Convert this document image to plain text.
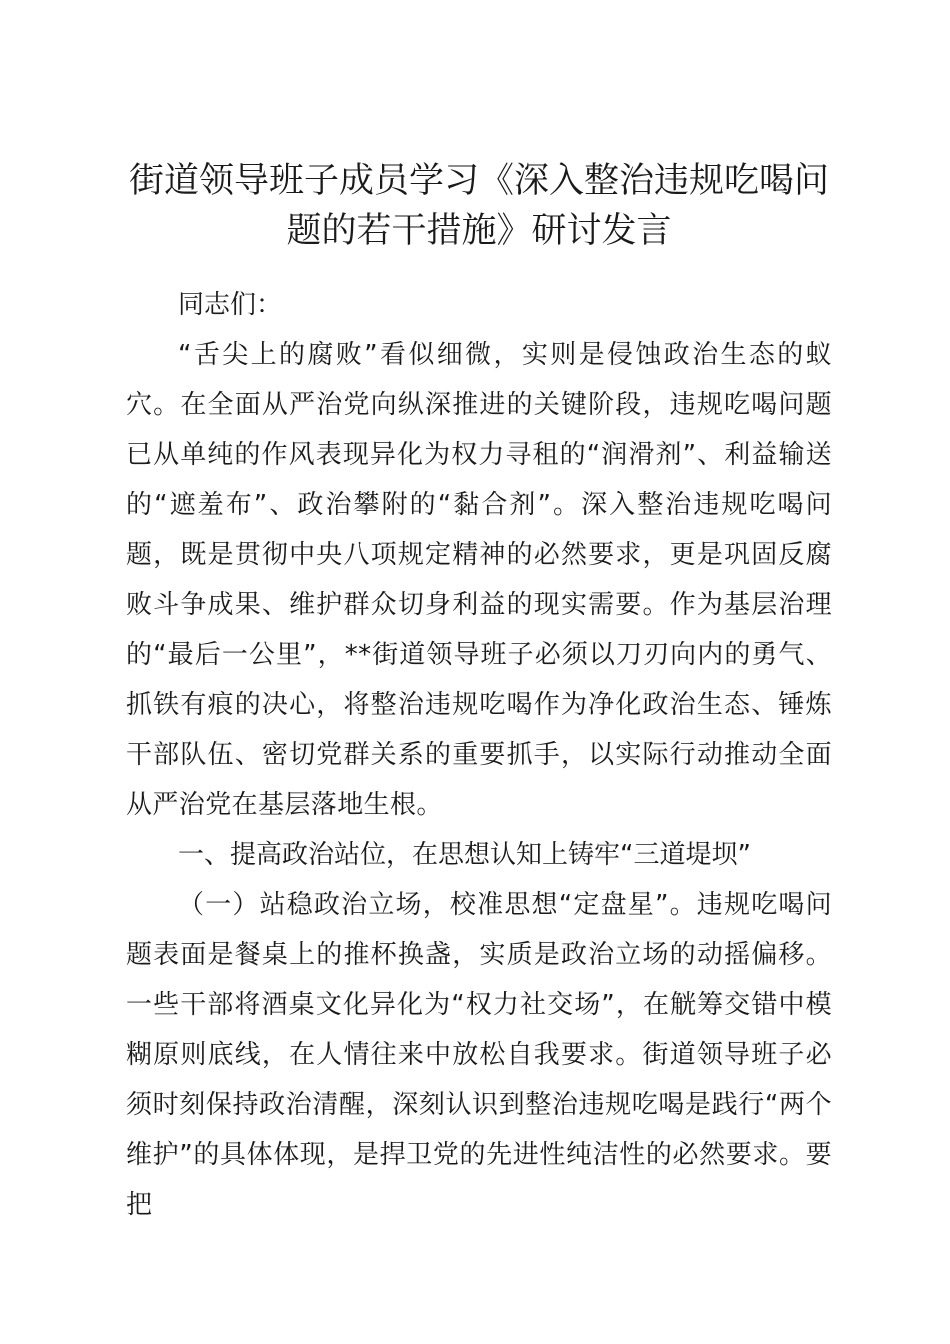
街道领导班子成员学习《深入整治违规吃喝问
题的若干措施》研讨发言

同志们：

“舌尖上的腐败”看似细微，实则是侵蚀政治生态的蚁穴。在全面从严治党向纵深推进的关键阶段，违规吃喝问题已从单纯的作风表现异化为权力寻租的“润滑剂”、利益输送的“遮羞布”、政治攀附的“黏合剂”。深入整治违规吃喝问题，既是贯彻中央八项规定精神的必然要求，更是巩固反腐败斗争成果、维护群众切身利益的现实需要。作为基层治理的“最后一公里”，**街道领导班子必须以刀刃向内的勇气、抓铁有痕的决心，将整治违规吃喝作为净化政治生态、锤炼干部队伍、密切党群关系的重要抓手，以实际行动推动全面从严治党在基层落地生根。

一、提高政治站位，在思想认知上铸牢“三道堤坝”

（一）站稳政治立场，校准思想“定盘星”。违规吃喝问题表面是餐桌上的推杯换盏，实质是政治立场的动摇偏移。一些干部将酒桌文化异化为“权力社交场”，在觥筹交错中模糊原则底线，在人情往来中放松自我要求。街道领导班子必须时刻保持政治清醒，深刻认识到整治违规吃喝是践行“两个维护”的具体体现，是捍卫党的先进性纯洁性的必然要求。要把
